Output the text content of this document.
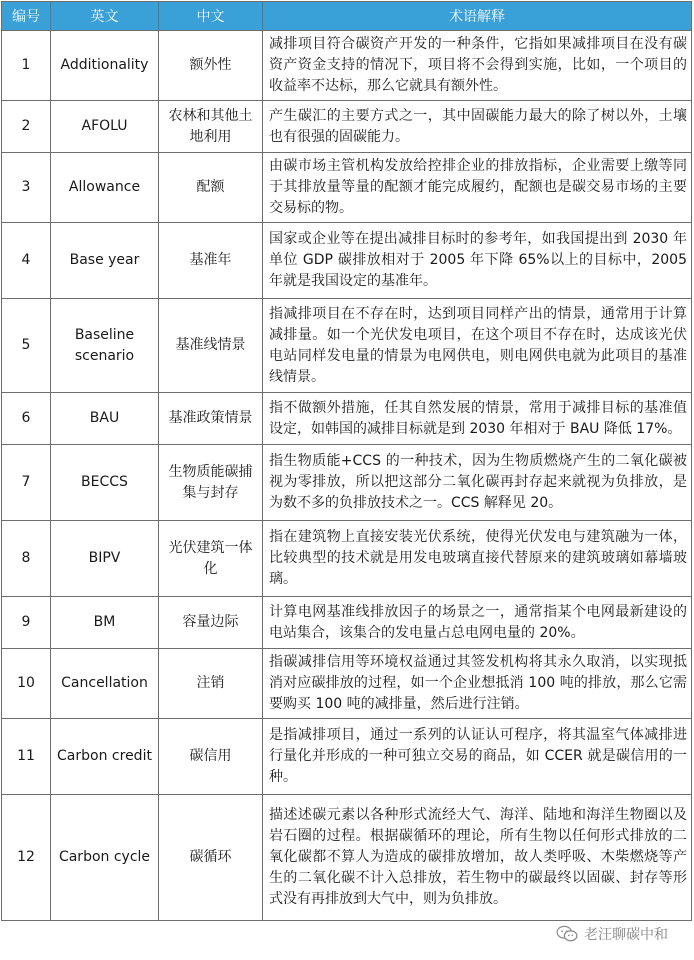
编号	英文	中文	术语解释
1	Additionality	额外性	减排项目符合碳资产开发的一种条件，它指如果减排项目在没有碳资产资金支持的情况下，项目将不会得到实施，比如，一个项目的收益率不达标，那么它就具有额外性。
2	AFOLU	农林和其他土地利用	产生碳汇的主要方式之一，其中固碳能力最大的除了树以外，土壤也有很强的固碳能力。
3	Allowance	配额	由碳市场主管机构发放给控排企业的排放指标，企业需要上缴等同于其排放量等量的配额才能完成履约，配额也是碳交易市场的主要交易标的物。
4	Base year	基准年	国家或企业等在提出减排目标时的参考年，如我国提出到 2030 年单位 GDP 碳排放相对于 2005 年下降 65%以上的目标中，2005 年就是我国设定的基准年。
5	Baseline scenario	基准线情景	指减排项目在不存在时，达到项目同样产出的情景，通常用于计算减排量。如一个光伏发电项目，在这个项目不存在时，达成该光伏电站同样发电量的情景为电网供电，则电网供电就为此项目的基准线情景。
6	BAU	基准政策情景	指不做额外措施，任其自然发展的情景，常用于减排目标的基准值设定，如韩国的减排目标就是到 2030 年相对于 BAU 降低 17%。
7	BECCS	生物质能碳捕集与封存	指生物质能+CCS 的一种技术，因为生物质燃烧产生的二氧化碳被视为零排放，所以把这部分二氧化碳再封存起来就视为负排放，是为数不多的负排放技术之一。CCS 解释见 20。
8	BIPV	光伏建筑一体化	指在建筑物上直接安装光伏系统，使得光伏发电与建筑融为一体，比较典型的技术就是用发电玻璃直接代替原来的建筑玻璃如幕墙玻璃。
9	BM	容量边际	计算电网基准线排放因子的场景之一，通常指某个电网最新建设的电站集合，该集合的发电量占总电网电量的 20%。
10	Cancellation	注销	指碳减排信用等环境权益通过其签发机构将其永久取消，以实现抵消对应碳排放的过程，如一个企业想抵消 100 吨的排放，那么它需要购买 100 吨的减排量，然后进行注销。
11	Carbon credit	碳信用	是指减排项目，通过一系列的认证认可程序，将其温室气体减排进行量化并形成的一种可独立交易的商品，如 CCER 就是碳信用的一种。
12	Carbon cycle	碳循环	描述述碳元素以各种形式流经大气、海洋、陆地和海洋生物圈以及岩石圈的过程。根据碳循环的理论，所有生物以任何形式排放的二氧化碳都不算人为造成的碳排放增加，故人类呼吸、木柴燃烧等产生的二氧化碳不计入总排放，若生物中的碳最终以固碳、封存等形式没有再排放到大气中，则为负排放。
老汪聊碳中和
